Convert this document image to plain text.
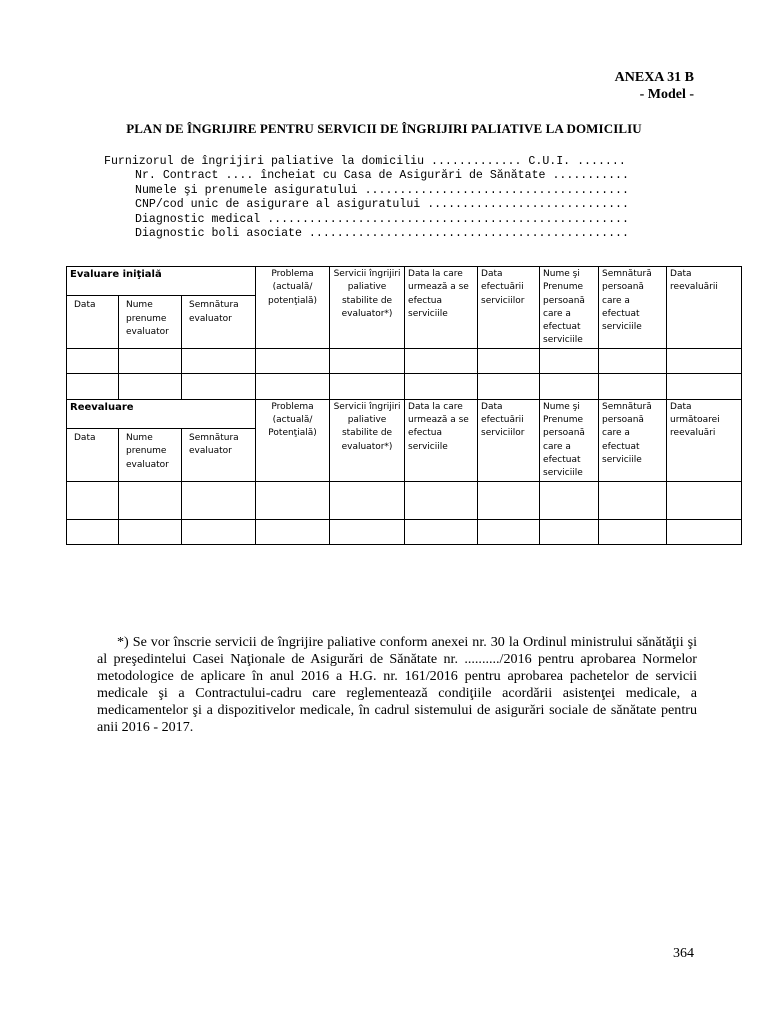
ANEXA 31 B
- Model -
PLAN DE ÎNGRIJIRE PENTRU SERVICII DE ÎNGRIJIRI PALIATIVE LA DOMICILIU
Furnizorul de îngrijiri paliative la domiciliu ............. C.U.I. .......
Nr. Contract .... încheiat cu Casa de Asigurări de Sănătate ...........
Numele şi prenumele asiguratului ......................................
CNP/cod unic de asigurare al asiguratului .............................
Diagnostic medical ....................................................
Diagnostic boli asociate ..............................................
Evaluare iniţială			Problema (actuală/ potenţială)	Servicii îngrijiri paliative stabilite de evaluator*)	Data la care urmează a se efectua serviciile	Data efectuării serviciilor	Nume şi Prenume persoană care a efectuat serviciile	Semnătură persoană care a efectuat serviciile	Data reevaluării
Data	Nume prenume evaluator	Semnătura evaluator							

Reevaluare			Problema (actuală/ Potenţială)	Servicii îngrijiri paliative stabilite de evaluator*)	Data la care urmează a se efectua serviciile	Data efectuării serviciilor	Nume şi Prenume persoană care a efectuat serviciile	Semnătură persoană care a efectuat serviciile	Data următoarei reevaluări
Data	Nume prenume evaluator	Semnătura evaluator							

*) Se vor înscrie servicii de îngrijire paliative conform anexei nr. 30 la Ordinul ministrului sănătăţii şi al preşedintelui Casei Naţionale de Asigurări de Sănătate nr. ........../2016 pentru aprobarea Normelor metodologice de aplicare în anul 2016 a H.G. nr. 161/2016 pentru aprobarea pachetelor de servicii medicale şi a Contractului-cadru care reglementează condiţiile acordării asistenţei medicale, a medicamentelor şi a dispozitivelor medicale, în cadrul sistemului de asigurări sociale de sănătate pentru anii 2016 - 2017.
364
